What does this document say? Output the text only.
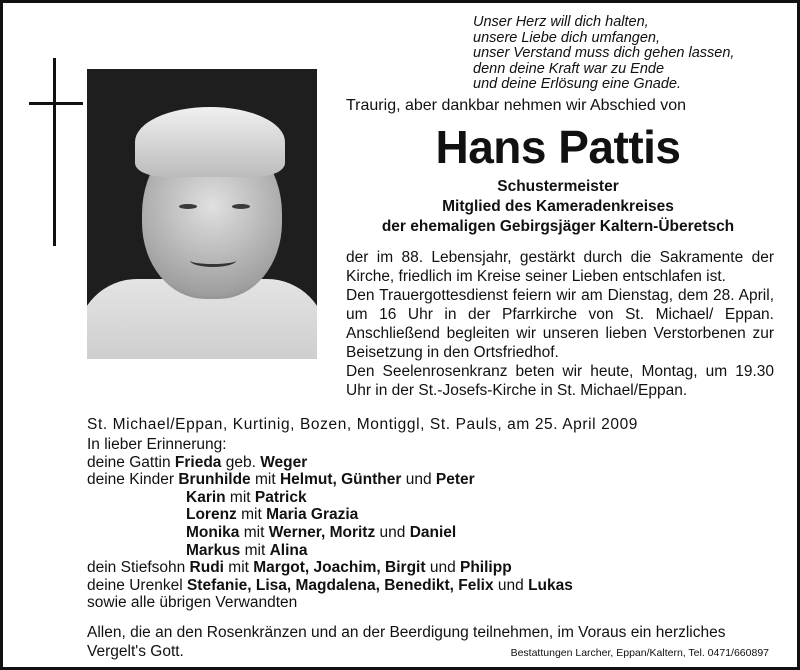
Unser Herz will dich halten,
unsere Liebe dich umfangen,
unser Verstand muss dich gehen lassen,
denn deine Kraft war zu Ende
und deine Erlösung eine Gnade.
Traurig, aber dankbar nehmen wir Abschied von
Hans Pattis
Schustermeister
Mitglied des Kameradenkreises
der ehemaligen Gebirgsjäger Kaltern-Überetsch

der im 88. Lebensjahr, gestärkt durch die Sakramente der Kirche, friedlich im Kreise seiner Lieben entschlafen ist.

Den Trauergottesdienst feiern wir am Dienstag, dem 28. April, um 16 Uhr in der Pfarrkirche von St. Michael/ Eppan. Anschließend begleiten wir unseren lieben Verstorbenen zur Beisetzung in den Ortsfriedhof.

Den Seelenrosenkranz beten wir heute, Montag, um 19.30 Uhr in der St.-Josefs-Kirche in St. Michael/Eppan.

St. Michael/Eppan, Kurtinig, Bozen, Montiggl, St. Pauls, am 25. April 2009
In lieber Erinnerung:
deine Gattin Frieda geb. Weger
deine Kinder Brunhilde mit Helmut, Günther und Peter
Karin mit Patrick
Lorenz mit Maria Grazia
Monika mit Werner, Moritz und Daniel
Markus mit Alina
dein Stiefsohn Rudi mit Margot, Joachim, Birgit und Philipp
deine Urenkel Stefanie, Lisa, Magdalena, Benedikt, Felix und Lukas
sowie alle übrigen Verwandten
Allen, die an den Rosenkränzen und an der Beerdigung teilnehmen, im Voraus ein herzliches Vergelt's Gott.	Bestattungen Larcher, Eppan/Kaltern, Tel. 0471/660897
